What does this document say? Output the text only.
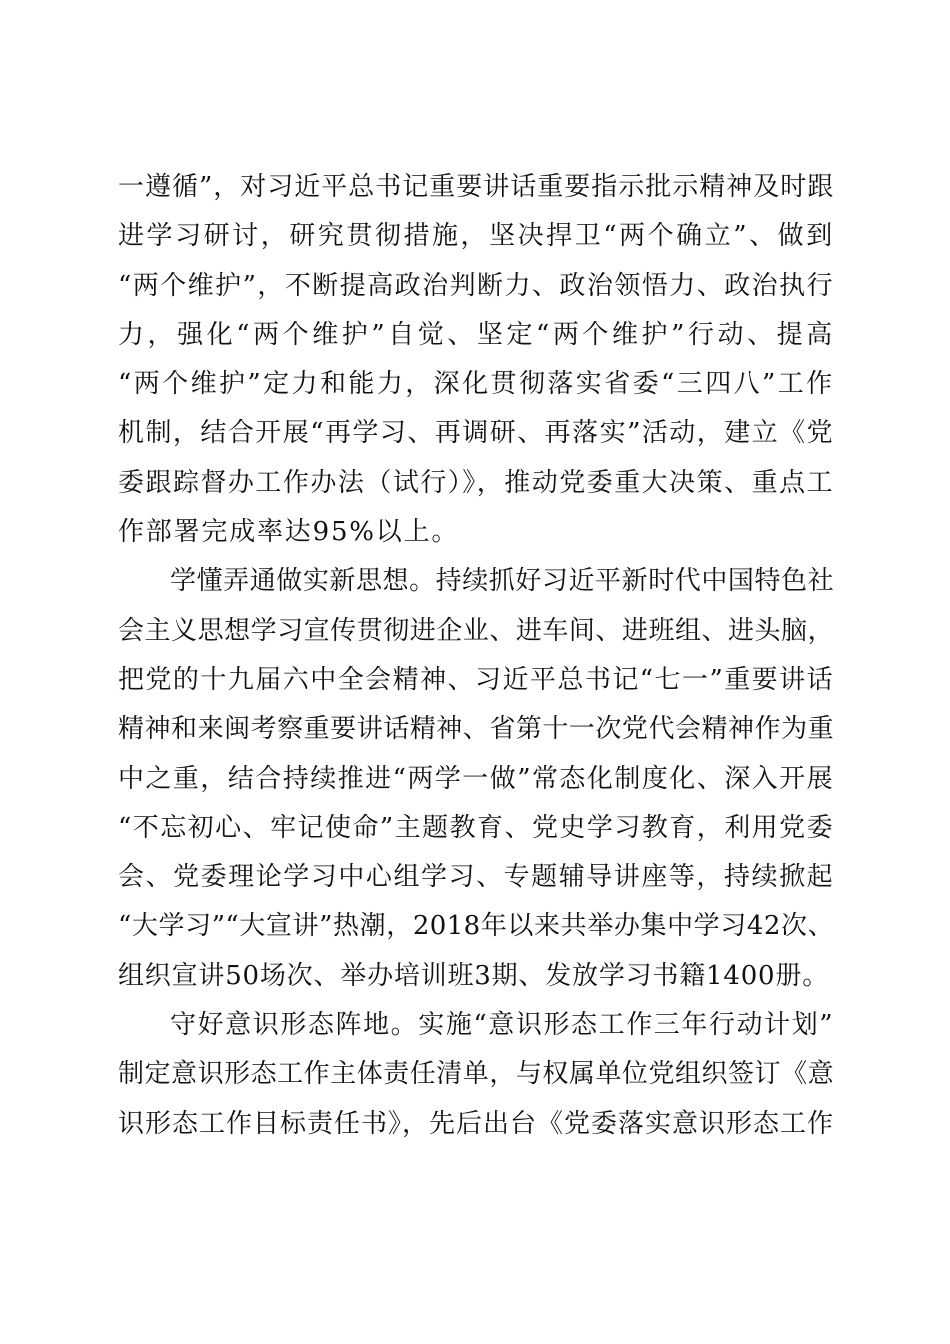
一遵循”，对习近平总书记重要讲话重要指示批示精神及时跟
进学习研讨，研究贯彻措施，坚决捍卫“两个确立”、做到
“两个维护”，不断提高政治判断力、政治领悟力、政治执行
力，强化“两个维护”自觉、坚定“两个维护”行动、提高
“两个维护”定力和能力，深化贯彻落实省委“三四八”工作
机制，结合开展“再学习、再调研、再落实”活动，建立《党
委跟踪督办工作办法（试行）》，推动党委重大决策、重点工
作部署完成率达95%以上。
学懂弄通做实新思想。持续抓好习近平新时代中国特色社
会主义思想学习宣传贯彻进企业、进车间、进班组、进头脑，
把党的十九届六中全会精神、习近平总书记“七一”重要讲话
精神和来闽考察重要讲话精神、省第十一次党代会精神作为重
中之重，结合持续推进“两学一做”常态化制度化、深入开展
“不忘初心、牢记使命”主题教育、党史学习教育，利用党委
会、党委理论学习中心组学习、专题辅导讲座等，持续掀起
“大学习”“大宣讲”热潮，2018年以来共举办集中学习42次、
组织宣讲50场次、举办培训班3期、发放学习书籍1400册。
守好意识形态阵地。实施“意识形态工作三年行动计划”
制定意识形态工作主体责任清单，与权属单位党组织签订《意
识形态工作目标责任书》，先后出台《党委落实意识形态工作
